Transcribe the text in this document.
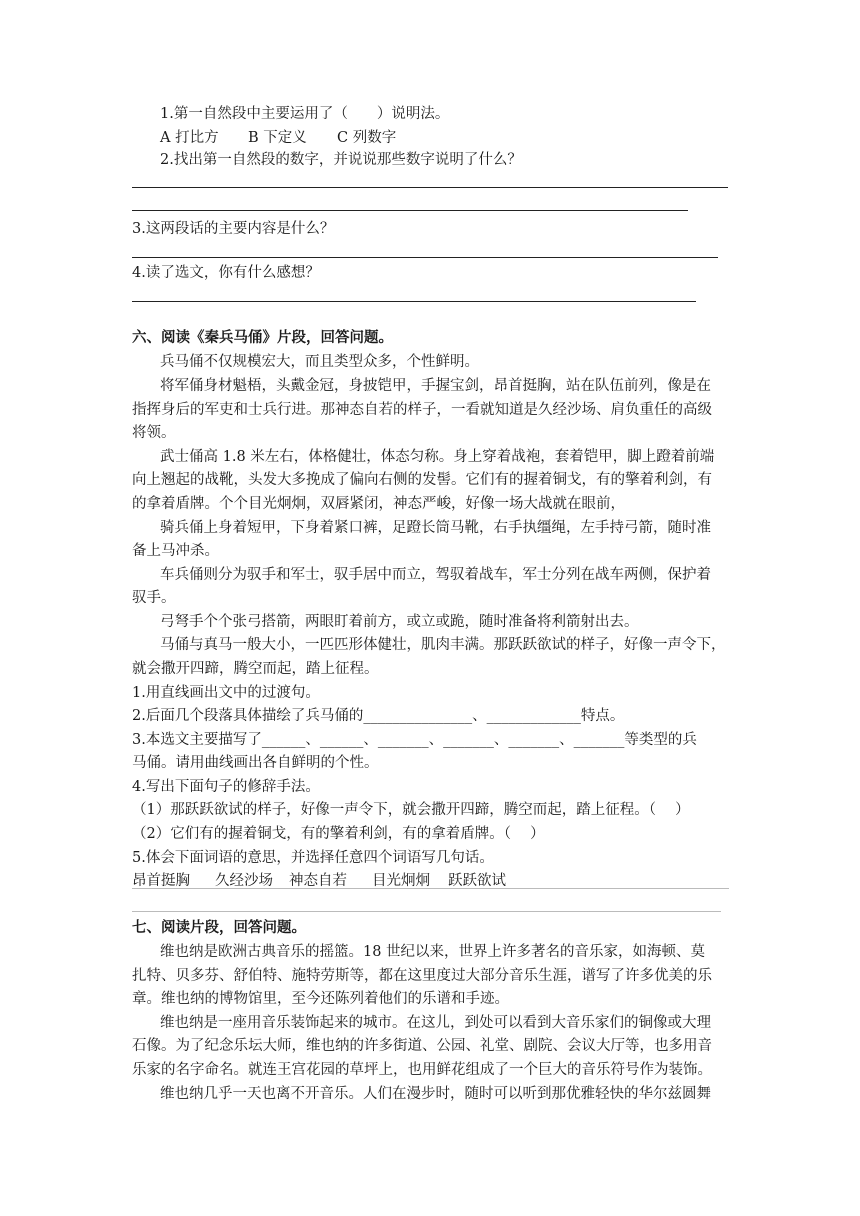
1.第一自然段中主要运用了（　　）说明法。
A 打比方 B 下定义 C 列数字
2.找出第一自然段的数字，并说说那些数字说明了什么？
3.这两段话的主要内容是什么？
4.读了选文，你有什么感想？
六、阅读《秦兵马俑》片段，回答问题。
兵马俑不仅规模宏大，而且类型众多，个性鲜明。
将军俑身材魁梧，头戴金冠，身披铠甲，手握宝剑，昂首挺胸，站在队伍前列，像是在
指挥身后的军吏和士兵行进。那神态自若的样子，一看就知道是久经沙场、肩负重任的高级
将领。
武士俑高 1.8 米左右，体格健壮，体态匀称。身上穿着战袍，套着铠甲，脚上蹬着前端
向上翘起的战靴，头发大多挽成了偏向右侧的发髻。它们有的握着铜戈，有的擎着利剑，有
的拿着盾牌。个个目光炯炯，双唇紧闭，神态严峻，好像一场大战就在眼前，
骑兵俑上身着短甲，下身着紧口裤，足蹬长筒马靴，右手执缰绳，左手持弓箭，随时准
备上马冲杀。
车兵俑则分为驭手和军士，驭手居中而立，驾驭着战车，军士分列在战车两侧，保护着
驭手。
弓弩手个个张弓搭箭，两眼盯着前方，或立或跪，随时准备将利箭射出去。
马俑与真马一般大小，一匹匹形体健壮，肌肉丰满。那跃跃欲试的样子，好像一声令下，
就会撒开四蹄，腾空而起，踏上征程。
1.用直线画出文中的过渡句。
2.后面几个段落具体描绘了兵马俑的_______________、_____________特点。
3.本选文主要描写了______、______、_______、_______、_______、_______等类型的兵
马俑。请用曲线画出各自鲜明的个性。
4.写出下面句子的修辞手法。
（1）那跃跃欲试的样子，好像一声令下，就会撒开四蹄，腾空而起，踏上征程。（　 ）
（2）它们有的握着铜戈，有的擎着利剑，有的拿着盾牌。（　 ）
5.体会下面词语的意思，并选择任意四个词语写几句话。
昂首挺胸 久经沙场 神态自若 目光炯炯 跃跃欲试
七、阅读片段，回答问题。
维也纳是欧洲古典音乐的摇篮。18 世纪以来，世界上许多著名的音乐家，如海顿、莫
扎特、贝多芬、舒伯特、施特劳斯等，都在这里度过大部分音乐生涯，谱写了许多优美的乐
章。维也纳的博物馆里，至今还陈列着他们的乐谱和手迹。
维也纳是一座用音乐装饰起来的城市。在这儿，到处可以看到大音乐家们的铜像或大理
石像。为了纪念乐坛大师，维也纳的许多街道、公园、礼堂、剧院、会议大厅等，也多用音
乐家的名字命名。就连王宫花园的草坪上，也用鲜花组成了一个巨大的音乐符号作为装饰。
维也纳几乎一天也离不开音乐。人们在漫步时，随时可以听到那优雅轻快的华尔兹圆舞
